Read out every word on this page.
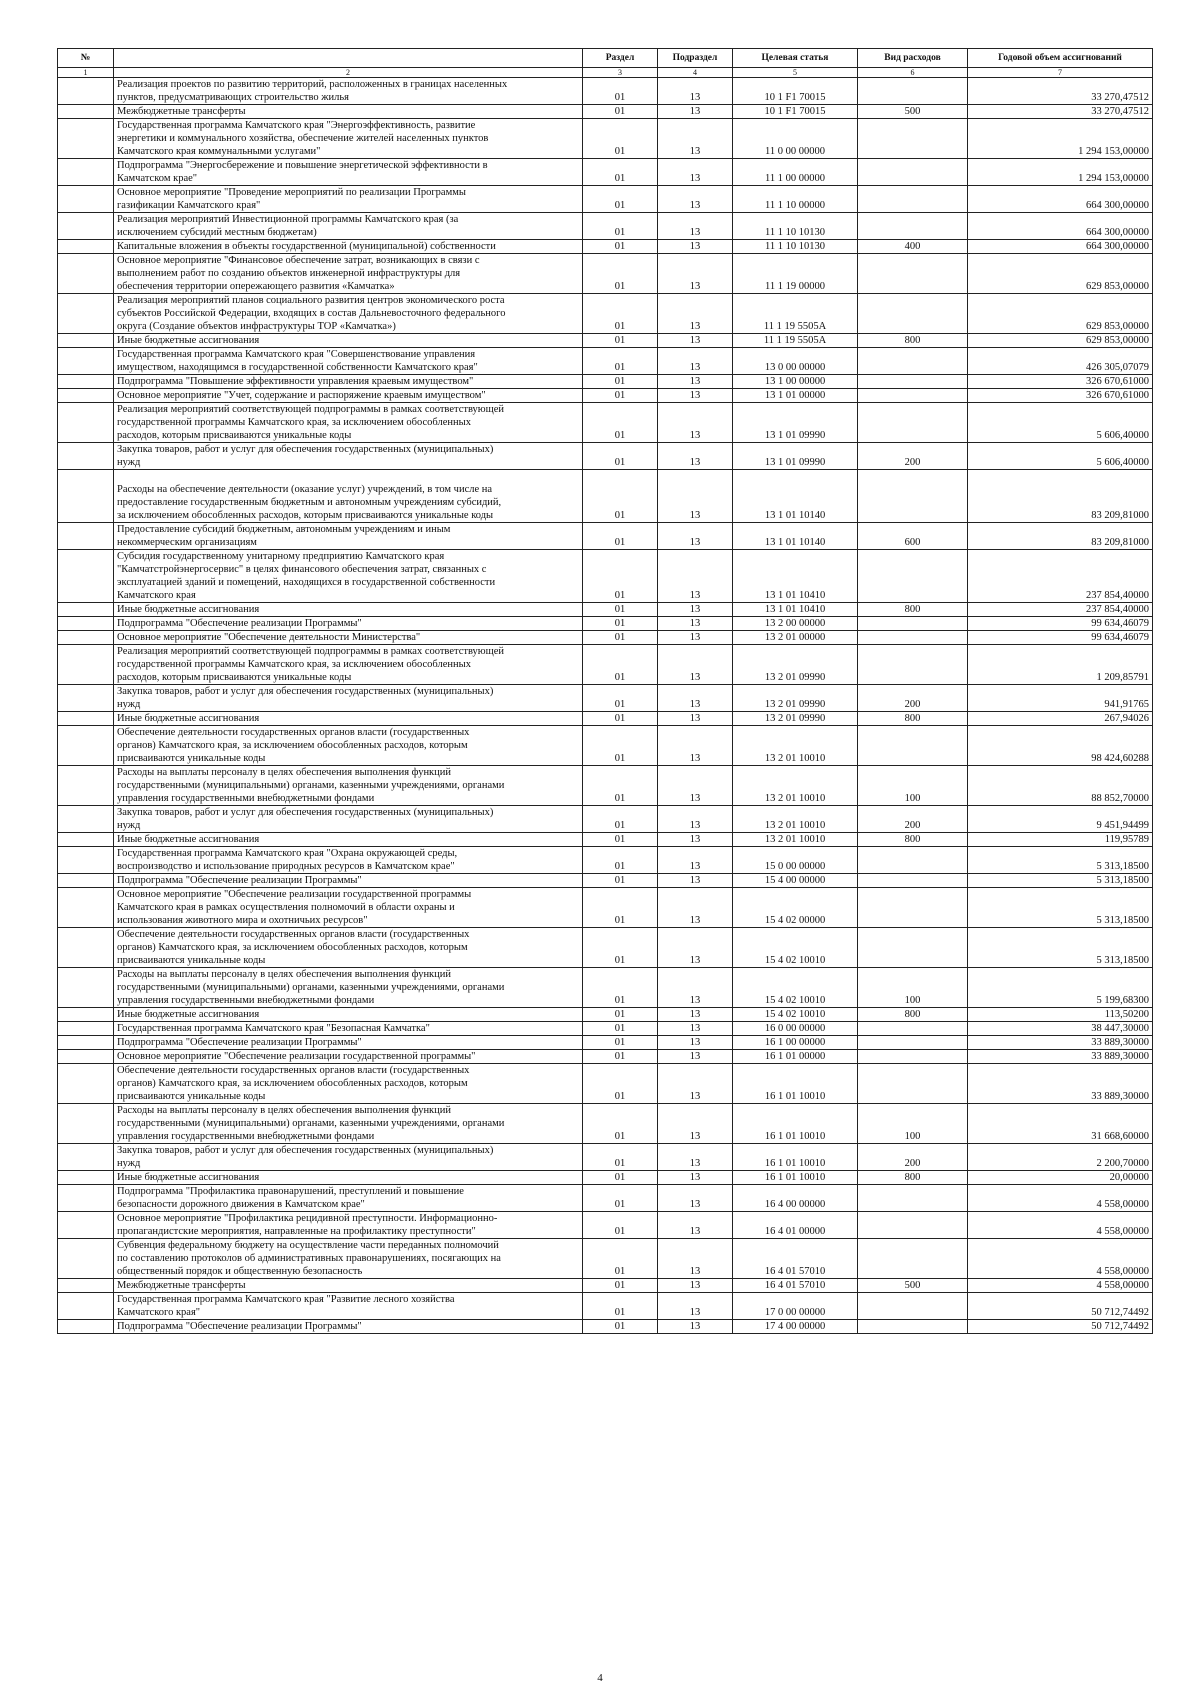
№		Раздел	Подраздел	Целевая статья	Вид расходов	Годовой объем ассигнований
1	2	3	4	5	6	7
	Реализация проектов по развитию территорий, расположенных в границах населенных
пунктов, предусматривающих строительство жилья	01	13	10 1 F1 70015		33 270,47512
	Межбюджетные трансферты	01	13	10 1 F1 70015	500	33 270,47512
	Государственная программа Камчатского края "Энергоэффективность, развитие
энергетики и коммунального хозяйства, обеспечение жителей населенных пунктов
Камчатского края коммунальными услугами"	01	13	11 0 00 00000		1 294 153,00000
	Подпрограмма "Энергосбережение и повышение энергетической эффективности в
Камчатском крае"	01	13	11 1 00 00000		1 294 153,00000
	Основное мероприятие "Проведение мероприятий по реализации Программы
газификации Камчатского края"	01	13	11 1 10 00000		664 300,00000
	Реализация мероприятий Инвестиционной программы Камчатского края (за
исключением субсидий местным бюджетам)	01	13	11 1 10 10130		664 300,00000
	Капитальные вложения в объекты государственной (муниципальной) собственности	01	13	11 1 10 10130	400	664 300,00000
	Основное мероприятие "Финансовое обеспечение затрат, возникающих в связи с
выполнением работ по созданию объектов инженерной инфраструктуры для
обеспечения территории опережающего развития «Камчатка»	01	13	11 1 19 00000		629 853,00000
	Реализация мероприятий планов социального развития центров экономического роста
субъектов Российской Федерации, входящих в состав Дальневосточного федерального
округа (Создание объектов инфраструктуры ТОР «Камчатка»)	01	13	11 1 19 5505A		629 853,00000
	Иные бюджетные ассигнования	01	13	11 1 19 5505A	800	629 853,00000
	Государственная программа Камчатского края "Совершенствование управления
имуществом, находящимся в государственной собственности Камчатского края"	01	13	13 0 00 00000		426 305,07079
	Подпрограмма "Повышение эффективности управления краевым имуществом"	01	13	13 1 00 00000		326 670,61000
	Основное мероприятие "Учет, содержание и распоряжение краевым имуществом"	01	13	13 1 01 00000		326 670,61000
	Реализация мероприятий соответствующей подпрограммы в рамках соответствующей
государственной программы Камчатского края, за исключением обособленных
расходов, которым присваиваются уникальные коды	01	13	13 1 01 09990		5 606,40000
	Закупка товаров, работ и услуг для обеспечения государственных (муниципальных)
нужд	01	13	13 1 01 09990	200	5 606,40000

Расходы на обеспечение деятельности (оказание услуг) учреждений, в том числе на
предоставление государственным бюджетным и автономным учреждениям субсидий,
за исключением обособленных расходов, которым присваиваются уникальные коды	01	13	13 1 01 10140		83 209,81000
	Предоставление субсидий бюджетным, автономным учреждениям и иным
некоммерческим организациям	01	13	13 1 01 10140	600	83 209,81000
	Субсидия государственному унитарному предприятию Камчатского края
"Камчатстройэнергосервис" в целях финансового обеспечения затрат, связанных с
эксплуатацией зданий и помещений, находящихся в государственной собственности
Камчатского края	01	13	13 1 01 10410		237 854,40000
	Иные бюджетные ассигнования	01	13	13 1 01 10410	800	237 854,40000
	Подпрограмма "Обеспечение реализации Программы"	01	13	13 2 00 00000		99 634,46079
	Основное мероприятие "Обеспечение деятельности Министерства"	01	13	13 2 01 00000		99 634,46079
	Реализация мероприятий соответствующей подпрограммы в рамках соответствующей
государственной программы Камчатского края, за исключением обособленных
расходов, которым присваиваются уникальные коды	01	13	13 2 01 09990		1 209,85791
	Закупка товаров, работ и услуг для обеспечения государственных (муниципальных)
нужд	01	13	13 2 01 09990	200	941,91765
	Иные бюджетные ассигнования	01	13	13 2 01 09990	800	267,94026
	Обеспечение деятельности государственных органов власти (государственных
органов) Камчатского края, за исключением обособленных расходов, которым
присваиваются уникальные коды	01	13	13 2 01 10010		98 424,60288
	Расходы на выплаты персоналу в целях обеспечения выполнения функций
государственными (муниципальными) органами, казенными учреждениями, органами
управления государственными внебюджетными фондами	01	13	13 2 01 10010	100	88 852,70000
	Закупка товаров, работ и услуг для обеспечения государственных (муниципальных)
нужд	01	13	13 2 01 10010	200	9 451,94499
	Иные бюджетные ассигнования	01	13	13 2 01 10010	800	119,95789
	Государственная программа Камчатского края "Охрана окружающей среды,
воспроизводство и использование природных ресурсов в Камчатском крае"	01	13	15 0 00 00000		5 313,18500
	Подпрограмма "Обеспечение реализации Программы"	01	13	15 4 00 00000		5 313,18500
	Основное мероприятие "Обеспечение реализации государственной программы
Камчатского края в рамках осуществления полномочий в области охраны и
использования животного мира и охотничьих ресурсов"	01	13	15 4 02 00000		5 313,18500
	Обеспечение деятельности государственных органов власти (государственных
органов) Камчатского края, за исключением обособленных расходов, которым
присваиваются уникальные коды	01	13	15 4 02 10010		5 313,18500
	Расходы на выплаты персоналу в целях обеспечения выполнения функций
государственными (муниципальными) органами, казенными учреждениями, органами
управления государственными внебюджетными фондами	01	13	15 4 02 10010	100	5 199,68300
	Иные бюджетные ассигнования	01	13	15 4 02 10010	800	113,50200
	Государственная программа Камчатского края "Безопасная Камчатка"	01	13	16 0 00 00000		38 447,30000
	Подпрограмма "Обеспечение реализации Программы"	01	13	16 1 00 00000		33 889,30000
	Основное мероприятие "Обеспечение реализации государственной программы"	01	13	16 1 01 00000		33 889,30000
	Обеспечение деятельности государственных органов власти (государственных
органов) Камчатского края, за исключением обособленных расходов, которым
присваиваются уникальные коды	01	13	16 1 01 10010		33 889,30000
	Расходы на выплаты персоналу в целях обеспечения выполнения функций
государственными (муниципальными) органами, казенными учреждениями, органами
управления государственными внебюджетными фондами	01	13	16 1 01 10010	100	31 668,60000
	Закупка товаров, работ и услуг для обеспечения государственных (муниципальных)
нужд	01	13	16 1 01 10010	200	2 200,70000
	Иные бюджетные ассигнования	01	13	16 1 01 10010	800	20,00000
	Подпрограмма "Профилактика правонарушений, преступлений и повышение
безопасности дорожного движения в Камчатском крае"	01	13	16 4 00 00000		4 558,00000
	Основное мероприятие "Профилактика рецидивной преступности. Информационно-
пропагандистские мероприятия, направленные на профилактику преступности"	01	13	16 4 01 00000		4 558,00000
	Субвенция федеральному бюджету на осуществление части переданных полномочий
по составлению протоколов об административных правонарушениях, посягающих на
общественный порядок и общественную безопасность	01	13	16 4 01 57010		4 558,00000
	Межбюджетные трансферты	01	13	16 4 01 57010	500	4 558,00000
	Государственная программа Камчатского края "Развитие лесного хозяйства
Камчатского края"	01	13	17 0 00 00000		50 712,74492
	Подпрограмма "Обеспечение реализации Программы"	01	13	17 4 00 00000		50 712,74492
4
